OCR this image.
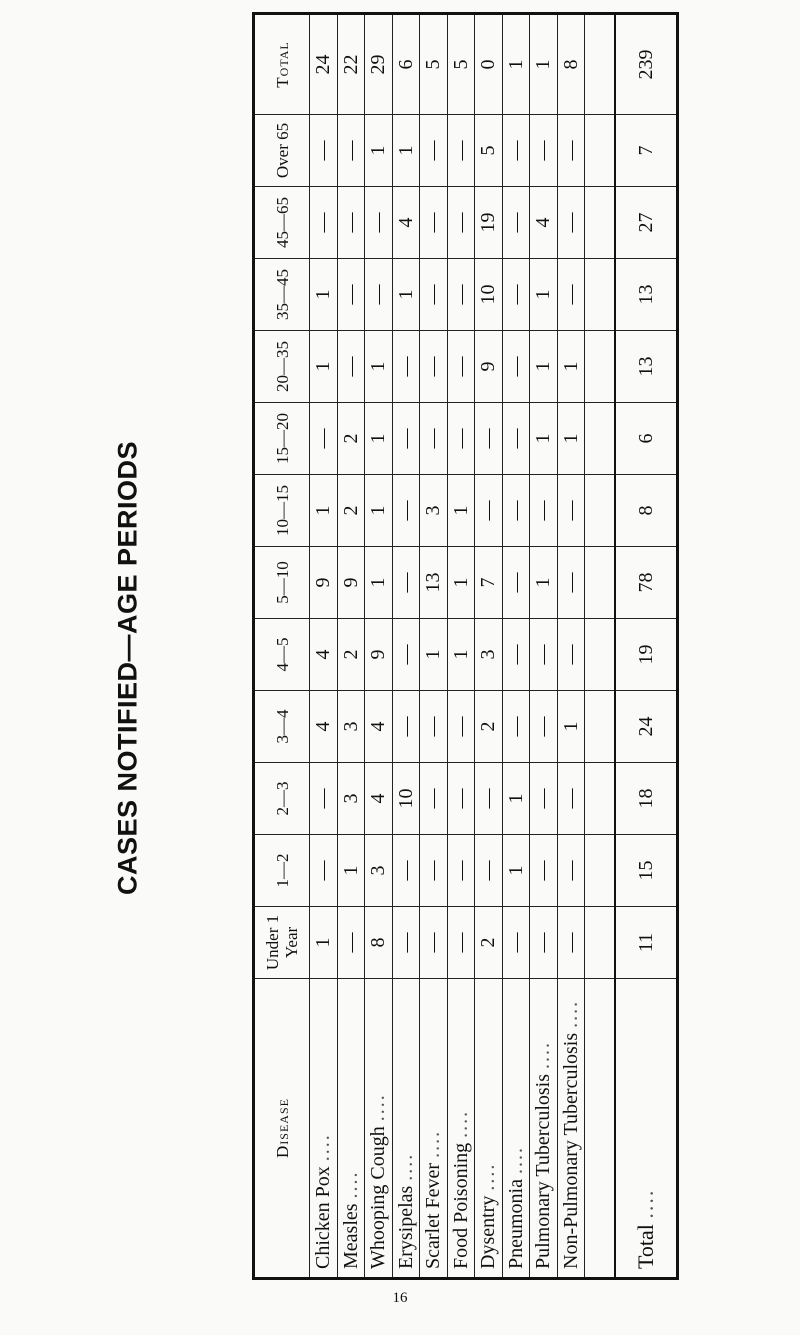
CASES NOTIFIED—AGE PERIODS
Disease	Under 1 Year	1—2	2—3	3—4	4—5	5—10	10—15	15—20	20—35	35—45	45—65	Over 65	Total
Chicken Pox ....	1	—	—	4	4	9	1	—	1	1	—	—	24
Measles ....	—	1	3	3	2	9	2	2	—	—	—	—	22
Whooping Cough ....	8	3	4	4	9	1	1	1	1	—	—	1	29
Erysipelas ....	—	—	10	—	—	—	—	—	—	1	4	1	6
Scarlet Fever ....	—	—	—	—	1	13	3	—	—	—	—	—	5
Food Poisoning ....	—	—	—	—	1	1	1	—	—	—	—	—	5
Dysentry ....	2	—	—	2	3	7	—	—	9	10	19	5	0
Pneumonia ....	—	1	1	—	—	—	—	—	—	—	—	—	1
Pulmonary Tuberculosis ....	—	—	—	—	—	1	—	1	1	1	4	—	1
Non-Pulmonary Tuberculosis ....	—	—	—	1	—	—	—	1	1	—	—	—	8

Total ....	11	15	18	24	19	78	8	6	13	13	27	7	239
16
